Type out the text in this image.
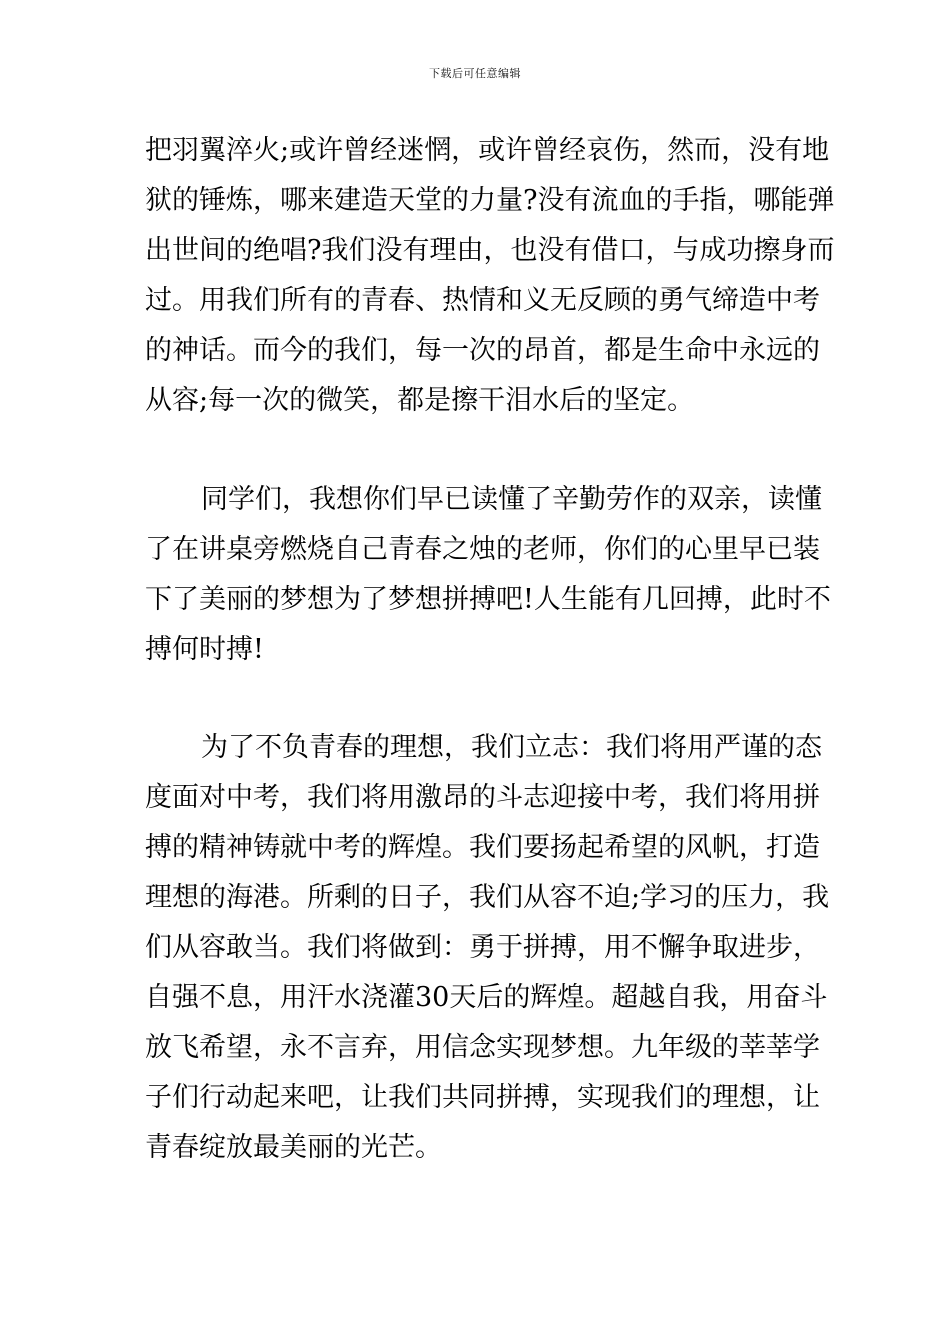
下载后可任意编辑
把羽翼淬火;或许曾经迷惘，或许曾经哀伤，然而，没有地
狱的锤炼，哪来建造天堂的力量?没有流血的手指，哪能弹
出世间的绝唱?我们没有理由，也没有借口，与成功擦身而
过。用我们所有的青春、热情和义无反顾的勇气缔造中考
的神话。而今的我们，每一次的昂首，都是生命中永远的
从容;每一次的微笑，都是擦干泪水后的坚定。
同学们，我想你们早已读懂了辛勤劳作的双亲，读懂
了在讲桌旁燃烧自己青春之烛的老师，你们的心里早已装
下了美丽的梦想为了梦想拼搏吧!人生能有几回搏，此时不
搏何时搏!
为了不负青春的理想，我们立志：我们将用严谨的态
度面对中考，我们将用激昂的斗志迎接中考，我们将用拼
搏的精神铸就中考的辉煌。我们要扬起希望的风帆，打造
理想的海港。所剩的日子，我们从容不迫;学习的压力，我
们从容敢当。我们将做到：勇于拼搏，用不懈争取进步，
自强不息，用汗水浇灌30天后的辉煌。超越自我，用奋斗
放飞希望，永不言弃，用信念实现梦想。九年级的莘莘学
子们行动起来吧，让我们共同拼搏，实现我们的理想，让
青春绽放最美丽的光芒。
